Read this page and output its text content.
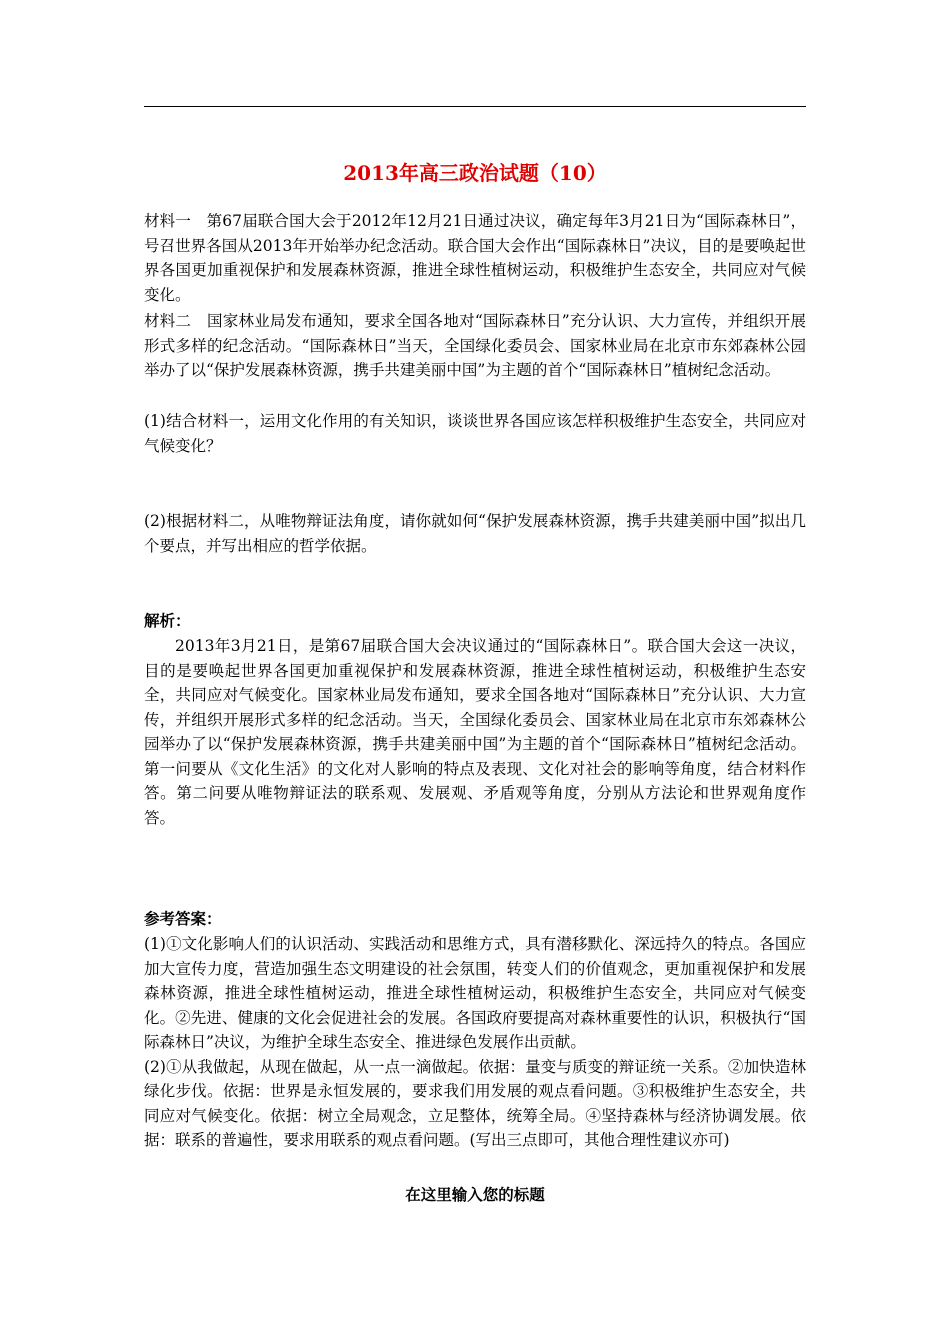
2013年高三政治试题（10）

材料一　第67届联合国大会于2012年12月21日通过决议，确定每年3月21日为“国际森林日”，号召世界各国从2013年开始举办纪念活动。联合国大会作出“国际森林日”决议，目的是要唤起世界各国更加重视保护和发展森林资源，推进全球性植树运动，积极维护生态安全，共同应对气候变化。

材料二　国家林业局发布通知，要求全国各地对“国际森林日”充分认识、大力宣传，并组织开展形式多样的纪念活动。“国际森林日”当天，全国绿化委员会、国家林业局在北京市东郊森林公园举办了以“保护发展森林资源，携手共建美丽中国”为主题的首个“国际森林日”植树纪念活动。

(1)结合材料一，运用文化作用的有关知识，谈谈世界各国应该怎样积极维护生态安全，共同应对气候变化？

(2)根据材料二，从唯物辩证法角度，请你就如何“保护发展森林资源，携手共建美丽中国”拟出几个要点，并写出相应的哲学依据。

解析：

2013年3月21日，是第67届联合国大会决议通过的“国际森林日”。联合国大会这一决议，目的是要唤起世界各国更加重视保护和发展森林资源，推进全球性植树运动，积极维护生态安全，共同应对气候变化。国家林业局发布通知，要求全国各地对“国际森林日”充分认识、大力宣传，并组织开展形式多样的纪念活动。当天，全国绿化委员会、国家林业局在北京市东郊森林公园举办了以“保护发展森林资源，携手共建美丽中国”为主题的首个“国际森林日”植树纪念活动。第一问要从《文化生活》的文化对人影响的特点及表现、文化对社会的影响等角度，结合材料作答。第二问要从唯物辩证法的联系观、发展观、矛盾观等角度，分别从方法论和世界观角度作答。

参考答案：

(1)①文化影响人们的认识活动、实践活动和思维方式，具有潜移默化、深远持久的特点。各国应加大宣传力度，营造加强生态文明建设的社会氛围，转变人们的价值观念，更加重视保护和发展森林资源，推进全球性植树运动，推进全球性植树运动，积极维护生态安全，共同应对气候变化。②先进、健康的文化会促进社会的发展。各国政府要提高对森林重要性的认识，积极执行“国际森林日”决议，为维护全球生态安全、推进绿色发展作出贡献。

(2)①从我做起，从现在做起，从一点一滴做起。依据：量变与质变的辩证统一关系。②加快造林绿化步伐。依据：世界是永恒发展的，要求我们用发展的观点看问题。③积极维护生态安全，共同应对气候变化。依据：树立全局观念，立足整体，统筹全局。④坚持森林与经济协调发展。依据：联系的普遍性，要求用联系的观点看问题。(写出三点即可，其他合理性建议亦可)

在这里输入您的标题
